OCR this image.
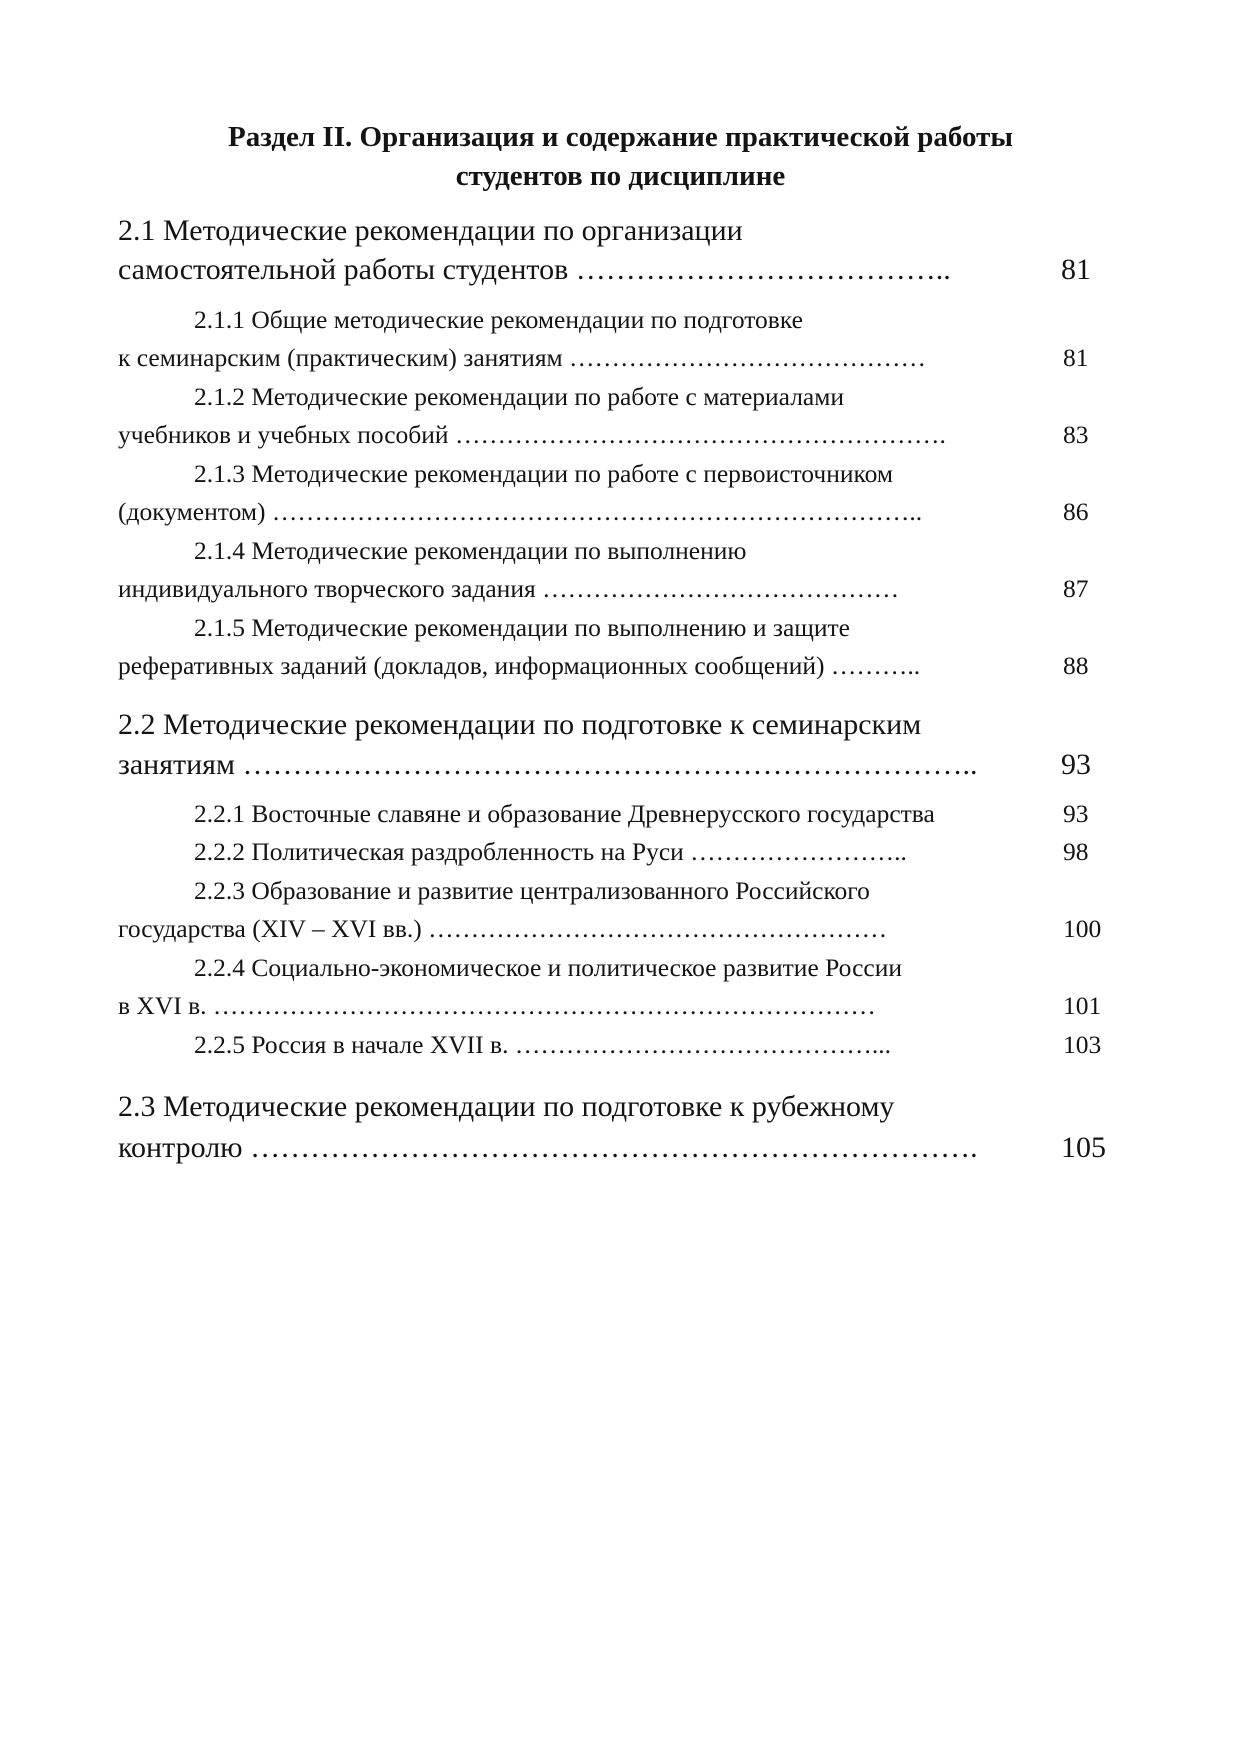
Раздел II. Организация и содержание практической работы
студентов по дисциплине
2.1 Методические рекомендации по организации
самостоятельной работы студентов ………………………………..	81
2.1.1 Общие методические рекомендации по подготовке
к семинарским (практическим) занятиям ……………………………………	81
2.1.2 Методические рекомендации по работе с материалами
учебников и учебных пособий ………………………………………………….	83
2.1.3 Методические рекомендации по работе с первоисточником
(документом) …………………………………………………………………..	86
2.1.4 Методические рекомендации по выполнению
индивидуального творческого задания ……………………………………	87
2.1.5 Методические рекомендации по выполнению и защите
реферативных заданий (докладов, информационных сообщений) ………..	88
2.2 Методические рекомендации по подготовке к семинарским
занятиям ………………………………………………………………..	93
2.2.1 Восточные славяне и образование Древнерусского государства	93
2.2.2 Политическая раздробленность на Руси ……………………..	98
2.2.3 Образование и развитие централизованного Российского
государства (XIV – XVI вв.) ………………………………………………	100
2.2.4 Социально-экономическое и политическое развитие России
в XVI в. ……………………………………………………………………	101
2.2.5 Россия в начале XVII в. ……………………………………...	103
2.3 Методические рекомендации по подготовке к рубежному
контролю ……………………………………………………………….	105
